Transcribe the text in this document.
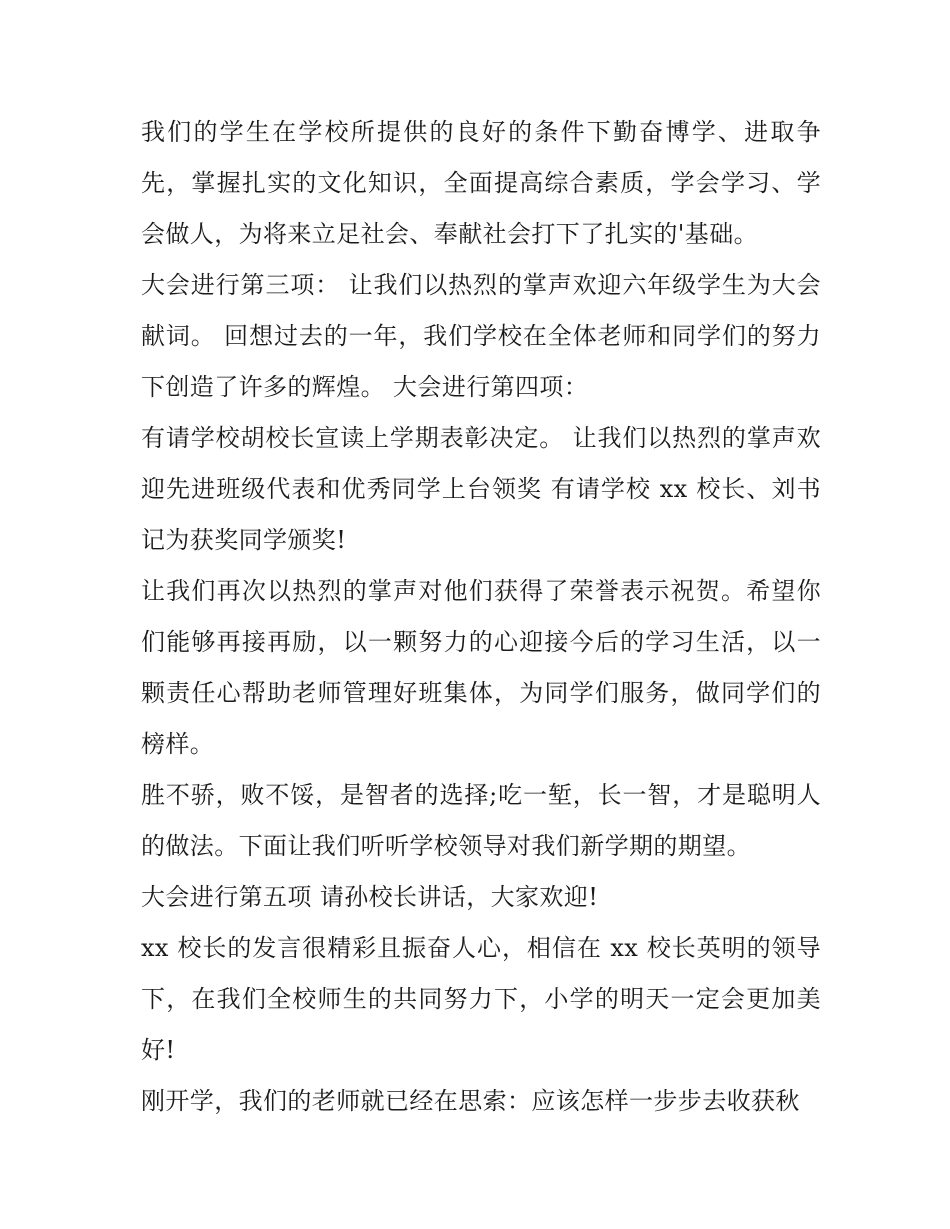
我们的学生在学校所提供的良好的条件下勤奋博学、进取争先，掌握扎实的文化知识，全面提高综合素质，学会学习、学会做人，为将来立足社会、奉献社会打下了扎实的'基础。

大会进行第三项： 让我们以热烈的掌声欢迎六年级学生为大会献词。 回想过去的一年，我们学校在全体老师和同学们的努力下创造了许多的辉煌。 大会进行第四项：

有请学校胡校长宣读上学期表彰决定。 让我们以热烈的掌声欢迎先进班级代表和优秀同学上台领奖 有请学校 xx 校长、刘书记为获奖同学颁奖!

让我们再次以热烈的掌声对他们获得了荣誉表示祝贺。希望你们能够再接再励，以一颗努力的心迎接今后的学习生活，以一颗责任心帮助老师管理好班集体，为同学们服务，做同学们的榜样。

胜不骄，败不馁，是智者的选择;吃一堑，长一智，才是聪明人的做法。下面让我们听听学校领导对我们新学期的期望。

大会进行第五项 请孙校长讲话，大家欢迎!

xx 校长的发言很精彩且振奋人心，相信在 xx 校长英明的领导下，在我们全校师生的共同努力下，小学的明天一定会更加美好!

刚开学，我们的老师就已经在思索：应该怎样一步步去收获秋
